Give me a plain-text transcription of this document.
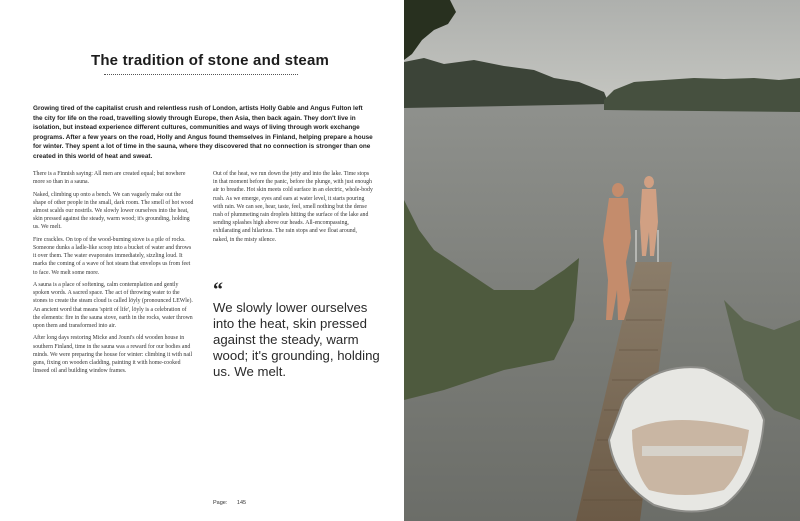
The tradition of stone and steam

Growing tired of the capitalist crush and relentless rush of London, artists Holly Gable and Angus Fulton left the city for life on the road, travelling slowly through Europe, then Asia, then back again. They don't live in isolation, but instead experience different cultures, communities and ways of living through work exchange programs. After a few years on the road, Holly and Angus found themselves in Finland, helping prepare a house for winter. They spent a lot of time in the sauna, where they discovered that no connection is stronger than one created in this world of heat and sweat.

There is a Finnish saying: All men are created equal; but nowhere more so than in a sauna.

Naked, climbing up onto a bench. We can vaguely make out the shape of other people in the small, dark room. The smell of hot wood almost scalds our nostrils. We slowly lower ourselves into the heat, skin pressed against the steady, warm wood; it's grounding, holding us. We melt.

Fire crackles. On top of the wood-burning stove is a pile of rocks. Someone dunks a ladle-like scoop into a bucket of water and throws it over them. The water evaporates immediately, sizzling loud. It marks the coming of a wave of hot steam that envelops us from feet to face. We melt some more.

A sauna is a place of softening, calm contemplation and gently spoken words. A sacred space. The act of throwing water to the stones to create the steam cloud is called löyly (pronounced LEWle). An ancient word that means 'spirit of life', löyly is a celebration of the elements: fire in the sauna stove, earth in the rocks, water thrown upon them and transformed into air.

After long days restoring Micke and Jouni's old wooden house in southern Finland, time in the sauna was a reward for our bodies and minds. We were preparing the house for winter: climbing it with nail guns, fixing on wooden cladding, painting it with home-cooked linseed oil and building window frames.

Out of the heat, we run down the jetty and into the lake. Time stops in that moment before the panic, before the plunge, with just enough air to breathe. Hot skin meets cold surface in an electric, whole-body rush. As we emerge, eyes and ears at water level, it starts pouring with rain. We can see, hear, taste, feel, smell nothing but the dense rush of plummeting rain droplets hitting the surface of the lake and sending splashes high above our heads. All-encompassing, exhilarating and hilarious. The rain stops and we float around, naked, in the misty silence.

“

We slowly lower ourselves into the heat, skin pressed against the steady, warm wood; it's grounding, holding us. We melt.

Page: 145
